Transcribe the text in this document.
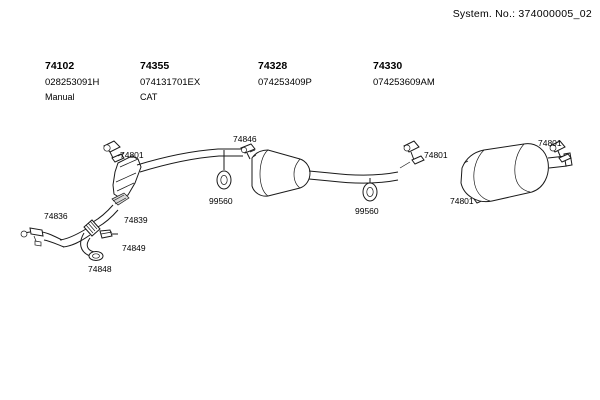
System. No.: 374000005_02
74102
028253091H
Manual
74355
074131701EX
CAT
74328
074253409P
74330
074253609AM
74801
74846
99560
99560
74801
74801
74801
74836	74839
74849
74848
